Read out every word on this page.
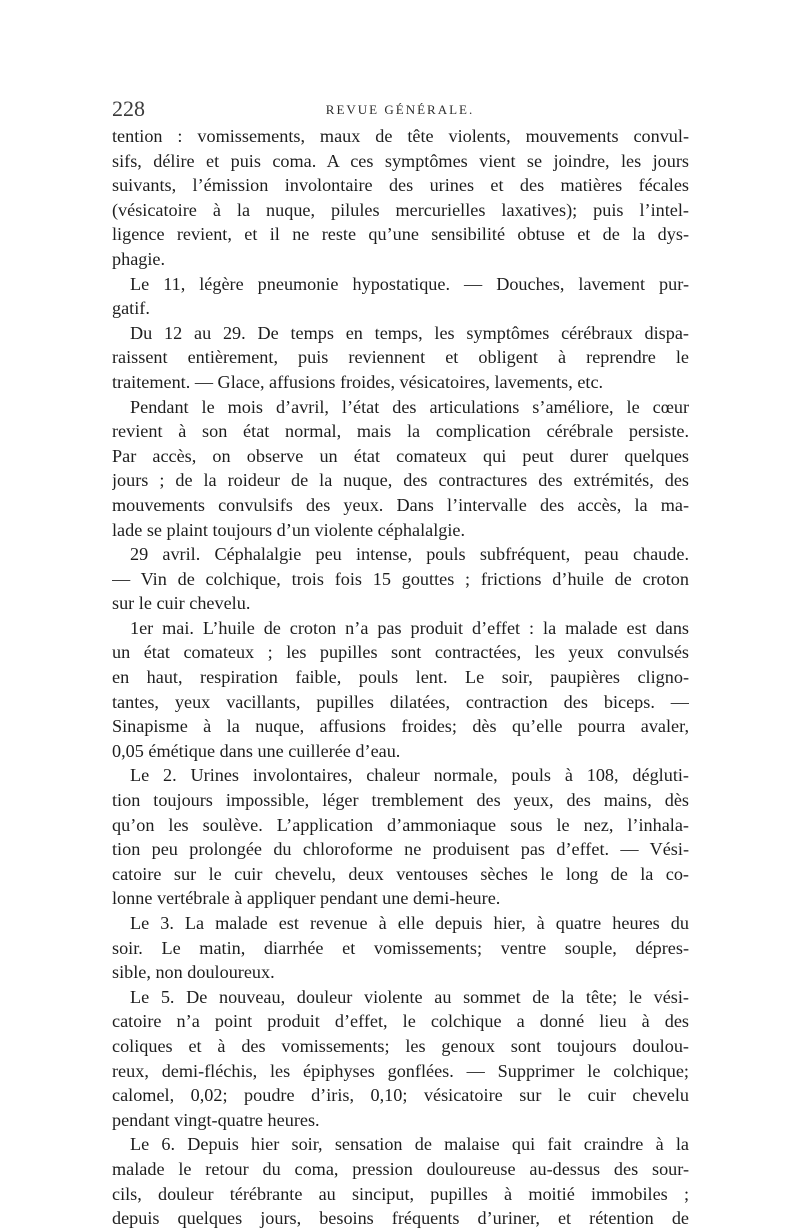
228	REVUE GÉNÉRALE.
tention : vomissements, maux de tête violents, mouvements convul-
sifs, délire et puis coma. A ces symptômes vient se joindre, les jours
suivants, l’émission involontaire des urines et des matières fécales
(vésicatoire à la nuque, pilules mercurielles laxatives); puis l’intel-
ligence revient, et il ne reste qu’une sensibilité obtuse et de la dys-
phagie.
Le 11, légère pneumonie hypostatique. — Douches, lavement pur-
gatif.
Du 12 au 29. De temps en temps, les symptômes cérébraux dispa-
raissent entièrement, puis reviennent et obligent à reprendre le
traitement. — Glace, affusions froides, vésicatoires, lavements, etc.
Pendant le mois d’avril, l’état des articulations s’améliore, le cœur
revient à son état normal, mais la complication cérébrale persiste.
Par accès, on observe un état comateux qui peut durer quelques
jours ; de la roideur de la nuque, des contractures des extrémités, des
mouvements convulsifs des yeux. Dans l’intervalle des accès, la ma-
lade se plaint toujours d’un violente céphalalgie.
29 avril. Céphalalgie peu intense, pouls subfréquent, peau chaude.
— Vin de colchique, trois fois 15 gouttes ; frictions d’huile de croton
sur le cuir chevelu.
1er mai. L’huile de croton n’a pas produit d’effet : la malade est dans
un état comateux ; les pupilles sont contractées, les yeux convulsés
en haut, respiration faible, pouls lent. Le soir, paupières cligno-
tantes, yeux vacillants, pupilles dilatées, contraction des biceps. —
Sinapisme à la nuque, affusions froides; dès qu’elle pourra avaler,
0,05 émétique dans une cuillerée d’eau.
Le 2. Urines involontaires, chaleur normale, pouls à 108, dégluti-
tion toujours impossible, léger tremblement des yeux, des mains, dès
qu’on les soulève. L’application d’ammoniaque sous le nez, l’inhala-
tion peu prolongée du chloroforme ne produisent pas d’effet. — Vési-
catoire sur le cuir chevelu, deux ventouses sèches le long de la co-
lonne vertébrale à appliquer pendant une demi-heure.
Le 3. La malade est revenue à elle depuis hier, à quatre heures du
soir. Le matin, diarrhée et vomissements; ventre souple, dépres-
sible, non douloureux.
Le 5. De nouveau, douleur violente au sommet de la tête; le vési-
catoire n’a point produit d’effet, le colchique a donné lieu à des
coliques et à des vomissements; les genoux sont toujours doulou-
reux, demi-fléchis, les épiphyses gonflées. — Supprimer le colchique;
calomel, 0,02; poudre d’iris, 0,10; vésicatoire sur le cuir chevelu
pendant vingt-quatre heures.
Le 6. Depuis hier soir, sensation de malaise qui fait craindre à la
malade le retour du coma, pression douloureuse au-dessus des sour-
cils, douleur térébrante au sinciput, pupilles à moitié immobiles ;
depuis quelques jours, besoins fréquents d’uriner, et rétention de
